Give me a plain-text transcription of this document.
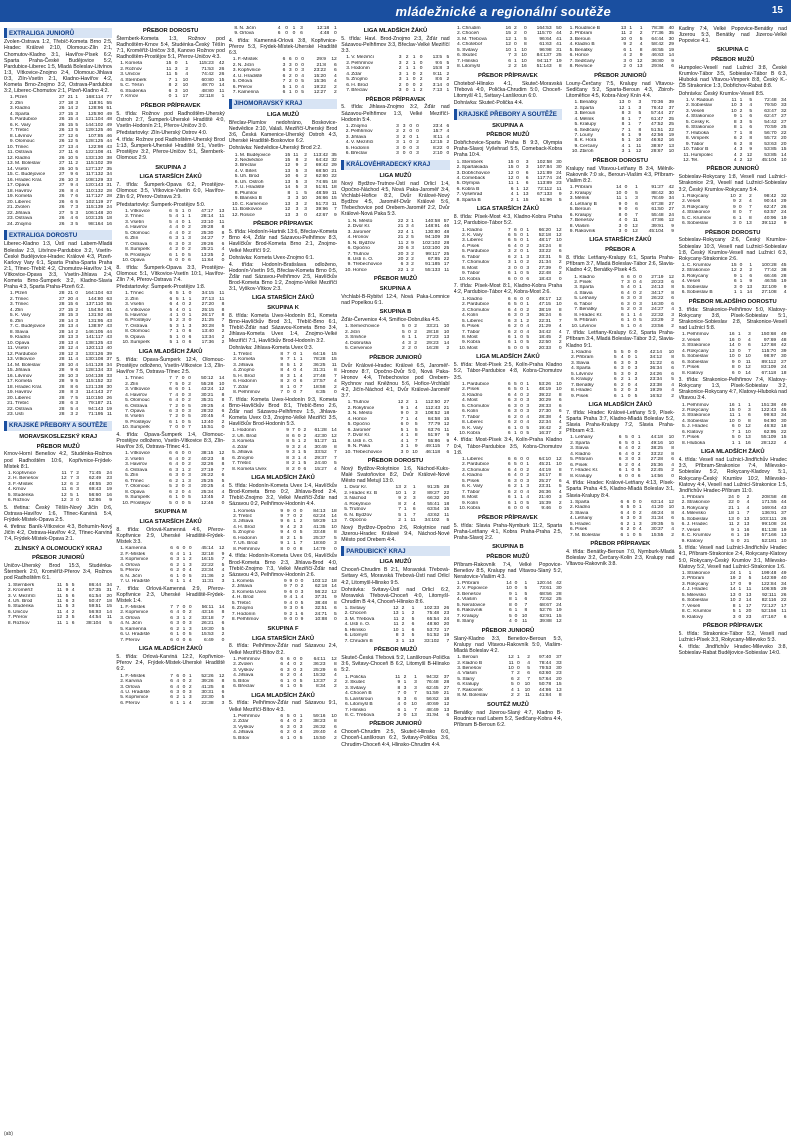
mládežnické a regionální soutěže	15
EXTRALIGA JUNIORŮ
Zvolen-Ostrava 1:2, Třebíč-Kometa Brno 2:5, Hradec Králové 2:10, Olomouc-Zlín 2:1, Chomutov-Kladno 3:1, Havířov-Písek 6:2, Sparta Praha-České Budějovice 5:2, Pardubice-Liberec 1:5, Mladá Boleslav-Litvínov 1:3, Vítkovice-Znojmo 2:4, Olomouc-Jihlava 0:3, Zlín-Vsetín 2:1, Kladno-Havířov 4:2, Kometa Brno-Znojmo 3:2, Ostrava-Pardubice 3:2, Liberec-Chomutov 2:1, Plzeň-Kladno 4:2.
1.	Plzeň	27	21	1	168:114	77
2.	Zlín	27	18	3	118:91	55
3.	Kladno	26	14	2	128:96	51
4.	Sparta	27	15	3	125:90	49
5.	Pardubice	26	15	4	121:104	48
6.	K. Vary	26	15	5	144:102	49
7.	Třebíč	26	13	5	129:125	46
8.	Litvínov	27	12	6	107:85	46
9.	Olomouc	26	12	5	128:125	44
10.	Třinec	27	13	4	122:98	43
11.	Ostrava	27	11	6	122:108	41
12.	Kladno	26	10	5	133:130	38
13.	M. Boleslav	27	11	2	115:102	39
14.	Vsetín	26	10	5	127:137	35
15.	Č. Budějovice	27	9	6	117:132	34
16.	Hradec Král.	26	10	3	108:129	33
17.	Opava	27	9	4	120:143	31
18.	Havířov	26	8	4	110:132	28
19.	Kometa	26	7	6	117:127	28
20.	Liberec	26	6	5	102:119	27
21.	Zvolen	26	7	3	115:139	24
22.	Jihlava	27	5	3	106:148	20
23.	Ostrava	26	4	6	103:135	18
24.	Znojmo	26	3	5	98:164	16
EXTRALIGA DOROSTU
Liberec-Kladno 1:3, Ústí nad Labem-Mladá Boleslav 2:3, Litvínov-Pardubice 3:2, Vsetín-České Budějovice-Hradec Králové 4:3, Plzeň-Karlovy Vary 6:1, Sparta Praha-Sparta Praha 2:1, Třinec-Třebíč 4:2, Chomutov-Havířov 1:4, Vítkovice-Opava 3:3, Vsetín-Jihlava 2:4, Kometa Brno-Šumperk 3:2, Kladno-Slavia Praha 4:3, Sparta Praha-Plzeň 6:2.
1.	Plzeň	28	21	0	164:104	63
2.	Třinec	27	20	4	144:80	63
3.	Třinec	28	15	6	137:110	55
4.	Zlín	27	15	2	154:94	51
5.	K. Vary	28	15	3	131:92	48
6.	Zlín	28	14	3	131:95	43
7.	Č. Budějovice	28	13	4	138:97	43
8.	Slavia	28	14	2	146:105	44
9.	Kladno	28	13	3	141:117	43
10.	Opava	28	13	4	138:125	43
11.	Vsetín	28	12	4	120:113	40
12.	Pardubice	28	12	3	133:126	39
13.	Vítkovice	28	11	4	130:108	37
14.	M. Boleslav	28	10	4	141:128	34
15.	Jihlava	28	9	6	128:134	33
16.	Litvínov	28	10	3	104:138	33
17.	Kometa	28	9	5	115:152	32
18.	Hradec Král.	28	8	6	121:138	30
19.	Havířov	28	8	3	114:143	27
20.	Liberec	28	7	5	110:150	26
21.	Třebíč	28	6	3	79:187	21
22.	Ostrava	28	5	4	94:143	19
23.	Ústí	28	3	2	71:195	11
KRAJSKÉ PŘEBORY A SOUTĚŽE
MORAVSKOSLEZSKÝ KRAJ
PŘEBOR MUŽŮ
Krnov-Horní Benešov 4:2, Studénka-Rožnov pod Radhoštěm 10:6, Kopřivnice-Frýdek-Místek 8:1.
1.	Kopřivnice	11	7	2	71:45	24
2.	H. Benešov	12	7	3	62:49	23
3.	F.-Místek	12	6	2	48:55	20
4.	Krnov	11	6	3	69:43	19
5.	Studénka	12	5	1	56:60	16
6.	Rožnov	12	3	0	52:86	9
5. třetina: Český Těšín-Nový Jičín 0:6, Ostrava-Havířov 1:6, Třinec-Karviná 5:4, Frýdek-Místek-Opava 2:5.
4. třetina: Baník-Vítkovice 4:3, Bohumín-Nový Jičín 4:2, Ostrava-Havířov 4:2, Třinec-Karviná 7:4, Frýdek-Místek-Opava 2:1.
ZLÍNSKÝ A OLOMOUCKÝ KRAJ
PŘEBOR JUNIORŮ
Uničov-Uherský Brod 15:3, Studénka-Šternberk 2:0, Kroměříž-Přerov 3:4, Rožnov pod Radhoštěm 6:1.
1.	Šternberk	11	5	5	86:44	34
2.	Kroměříž	11	9	4	57:35	31
3.	V. Meziříčí	11	5	6	61:54	20
4.	Uh. Brod	11	6	3	50:47	18
5.	Studénka	11	5	3	59:51	15
6.	Uničov	11	4	2	56:93	14
7.	Přerov	12	3	5	44:54	11
8.	Rožnov	11	1	6	38:104	5
PŘEBOR DOROSTU
Šternberk-Kometa 1:3, Rožnov pod Radhoštěm-Krnov 5:4, Studénka-Český Těšín 7:1, Kroměříž-Uničov 3:8, Kanovo Rožnov pod Radhoštěm-Prostějov 5:1, Přerov-Uničov 4:3.
1.	Kometa	15	0	1	115:23	42
2.	Rožnov	11	3	2	71:53	26
3.	Uničov	11	5	4	74:42	26
4.	Šternberk	7	1	10	60:80	15
5.	Č. Těšín	8	2	10	49:70	14
6.	Studénka	6	3	10	48:80	11
7.	Krnov	0	1	17	32:118	1
PŘEBOR PŘÍPRAVEK
5. třída: Rožnov pod Radhoštěm-Uherský Ostroh 2:7, Šumperk-Uherské Hradiště 4:0, Vsetín-Hodonín 2:1, Přerov-Uničov 3:0.
Předstartovky: Zlín-Uherský Ostrov 4:0.
4. třída: Rožnov pod Radhoštěm-Uherský Brod 1:13, Šumperk-Uherské Hradiště 9:1, Vsetín-Prostějov 3:2, Přerov-Uničov 5:1, Šternberk-Olomouc 2:9.
SKUPINA J
LIGA STARŠÍCH ŽÁKŮ
7. třída: Šumperk-Opava 6:2, Prostějov-Olomouc 3:5, Vítkovice-Vsetín 6:0, Havířov-Zlín 6:2, Přerov-Ostrava 2:9.
Předstartovky: Šumperk-Prostějov 5:0.
1.	Vítkovice	6	5	1	0	47:17	13
2.	Třinec	5	4	1	1	28:14	11
3.	Vsetín	5	4	0	1	23:10	11
4.	Havířov	4	4	0	2	29:28	8
5.	Olomouc	4	4	0	2	25:30	8
6.	Zlín	6	3	1	3	24:27	7
7.	Ostrava	6	3	0	3	29:26	6
8.	Šumperk	4	2	0	2	25:21	4
9.	Prostějov	6	1	0	5	13:25	2
10.	Opava	6	0	0	6	11:64	0
8. třída: Šumperk-Opava 3:3, Prostějov-Olomouc 5:1, Vítkovice-Vsetín 10:1, Havířov-Zlín 7:4, Přerov-Ostrava 7:4.
Předstartovky: Šumperk-Prostějov 1:8.
1.	Třinec	6	5	1	0	34:15	11
2.	Zlín	6	5	1	1	37:13	11
3.	Vsetín	6	4	0	2	27:20	8
4.	Vítkovice	5	4	0	1	25:15	8
5.	Havířov	4	1	0	1	26:17	8
6.	Prostějov	5	2	3	0	21:25	7
7.	Ostrava	5	3	1	3	30:28	5
8.	Olomouc	7	1	0	6	13:40	2
9.	Opava	5	1	0	6	13:34	2
10.	Šumperk	5	1	0	6	17:36	2
LIGA MLADŠÍCH ŽÁKŮ
5. třída: Opava-Šumperk 12:4, Olomouc-Prostějov odloženo, Vsetín-Vítkovice 1:3, Zlín-Havířov 7:5, Ostrava-Třinec 2:5.
1.	Třinec	7	7	0	0	50:12	14
2.	Zlín	7	5	0	2	55:28	10
3.	Vítkovice	6	6	0	1	43:24	12
4.	Havířov	7	4	0	3	30:21	8
5.	Olomouc	6	4	0	2	35:31	8
6.	Ostrava	7	2	0	5	29:25	4
7.	Opava	6	3	0	3	28:32	6
8.	Vsetín	7	2	0	5	20:45	4
9.	Prostějov	6	1	0	5	13:40	2
10.	Šumperk	7	0	0	7	15:51	0
4. třída: Opava-Šumperk 1:4, Olomouc-Prostějov odloženo, Vsetín-Vítkovice 8:3, Zlín-Havířov 3:6, Ostrava-Třinec 4:1.
1.	Vítkovice	6	6	0	0	38:15	12
2.	Vsetín	6	4	0	2	40:23	8
3.	Havířov	6	4	0	2	32:26	8
4.	Ostrava	6	3	1	2	27:19	7
5.	Zlín	6	3	0	3	26:22	6
6.	Třinec	6	2	1	3	25:25	5
7.	Olomouc	5	2	0	3	20:25	4
8.	Opava	6	2	0	4	25:34	4
9.	Šumperk	6	1	0	5	13:45	2
10.	Prostějov	5	0	0	5	12:46	0
SKUPINA M
LIGA STARŠÍCH ŽÁKŮ
8. třída: Orlová-Kamenná 4:6, Přerov-Kopřivnice 2:9, Uherské Hradiště-Frýdek-Místek 3:3.
1.	Kamenná	6	6	0	0	45:14	12
2.	F.-Místek	6	4	1	1	32:18	9
3.	Kopřivnice	6	3	1	2	16:15	7
4.	Orlová	6	2	1	3	22:22	5
5.	Přerov	6	2	0	4	23:34	4
6.	N. Jičín	6	1	0	5	21:36	2
7.	U. Hradiště	6	1	1	4	11:31	3
7. třída: Orlová-Kamenná 2:9, Přerov-Kopřivnice 2:3, Uherské Hradiště-Frýdek-Místek 1:4.
1.	F.-Místek	7	7	0	0	56:11	14
2.	Kopřivnice	6	4	0	2	43:16	8
3.	Orlová	6	3	1	2	33:18	7
4.	N. Jičín	6	3	0	3	26:21	6
5.	Kamenná	6	2	1	3	19:30	5
6.	U. Hradiště	6	1	0	5	15:53	2
7.	Přerov	6	0	0	6	6:49	0
LIGA MLADŠÍCH ŽÁKŮ
5. třída: Orlová-Karviná 12:2, Kopřivnice-Přerov 2:4, Frýdek-Místek-Uherské Hradiště 6:2.
1.	F.-Místek	7	6	0	1	52:26	12
2.	Karviná	6	4	0	2	39:26	8
3.	Orlová	6	4	0	2	41:25	8
4.	U. Hradiště	6	3	0	3	30:31	6
5.	Kopřivnice	6	2	1	3	23:30	5
6.	Přerov	6	1	1	4	22:38	3
8.	N. Jičín	4	0	1	3	12:18	1
9.	Orlová	6	0	0	6	4:48	0
4. třída: Kamenná-Orlová 3:8, Kopřivnice-Přerov 5:3, Frýdek-Místek-Uherské Hradiště 6:3.
1.	F.-Místek	6	6	0	0	29:9	12
2.	N. Jičín	3	3	0	0	21:8	6
3.	Kopřivnice	6	3	0	3	23:22	6
4.	U. Hradiště	6	2	0	4	15:20	4
5.	Orlová	7	2	0	5	15:36	4
6.	Přerov	5	1	0	4	19:22	2
7.	Kamenná	6	1	0	5	12:27	2
JIHOMORAVSKÝ KRAJ
LIGA MUŽŮ
Břeclav-Plumlov nedohráno, Boskovice-Nedvědice 2:10, Valaš. Meziříčí-Uherský Brod 3:6, Česká Kamenice-Uherský Ostroh 4:3, Uherské Hradiště-Boskovice 6:2.
Dohrávka: Nedvědice-Uherský Brod 2:2.
1.	M. Budějovice	15	11	2	113:42	35
2.	Nedvědice	15	8	2	64:42	32
3.	Břeclav	12	9	2	69:42	29
4.	V. Bíteš	13	5	3	68:50	21
5.	Uh. Brod	10	6	2	62:60	22
6.	Uh. Ostroh	13	5	3	74:65	18
7.	U. Hradiště	14	5	3	51:61	18
8.	Plumlov	8	1	5	48:59	11
9.	Blansko B	3	3	10	36:66	15
10.	Č. Kamenice	13	3	2	51:73	11
11.	Boskovice	12	3	3	39:96	7
12.	Rosice	13	3	0	42:67	9
PŘEBOR PŘÍPRAVEK
5. třída: Hodonín-Hartnik 13:6, Břeclav-Kometa Brno 4:4, Žďár nad Sázavou-Pelhřimov 8:3, Havlíčkův Brod-Kometa Brno 2:1, Znojmo-Velké Meziříčí 9:2.
Dohrávka: Kometa Uvex-Znojmo 6:1.
4. třída: Hodonín-Bratislava odloženo, Hodonín-Vsetín 9:5, Břeclav-Kometa Brno 0:5, Žďár nad Sázavou-Pelhřimov 2:5, Havlíčkův Brod-Kometa Brno 1:2, Znojmo-Velké Meziříčí 3:1, Vyškov-Vítkov 2:3.
LIGA STARŠÍCH ŽÁKŮ
SKUPINA K
8. třída: Kometa Uvex-Hodonín 8:1, Kometa Brno-Havlíčkův Brod 3:1, Třebíč-Brno 6:1, Třebíč-Žďár nad Sázavou-Kometa Brno 3:4, Jihlava-Kometa Uvex 1:4, Znojmo-Velké Meziříčí 7:1, Havlíčkův Brod-Hodonín 3:2.
Dohrávka: Jihlava-Kometa Uvex 0:3.
1.	Třebíč	8	7	0	1	64:16	15
2.	Kometa	9	7	1	1	78:28	15
3.	Jihlava	8	5	1	2	36:25	11
4.	Znojmo	8	4	0	4	31:31	8
5.	H. Brod	8	3	1	4	27:48	7
6.	Hodonín	8	2	0	6	27:57	4
7.	Žďár	8	1	0	7	18:58	2
8.	Pelhřimov	7	0	0	7	6:35	0
7. třída: Kometa Uvex-Hodonín 9:3, Kometa Brno-Havlíčkův Brod 8:1, Třebíč-Brno 2:6, Žďár nad Sázavou-Pelhřimov 1:5, Jihlava-Kometa Uvex 0:3, Znojmo-Velké Meziříčí 3:5, Havlíčkův Brod-Hodonín 5:3.
1.	Hodonín	9	7	0	2	61:28	14
2.	Uh. Brod	8	6	0	2	42:30	12
3.	Kometa	8	5	1	2	51:27	11
4.	Žďár	9	3	2	4	30:49	8
5.	Jihlava	9	3	1	5	33:52	7
6.	Znojmo	8	3	1	4	29:37	7
7.	Třebíč	8	2	1	5	24:40	5
8.	Kometa Uvex	8	2	0	6	15:27	4
LIGA MLADŠÍCH ŽÁKŮ
5. třída: Hodonín-Kometa Uvex 1:4, Havlíčkův Brod-Kometa Brno 0:2, Jihlava-Brod 2:4, Třebíč-Znojmo 3:2, Velké Meziříčí-Žďár nad Sázavou 0:2, Pelhřimov-Hodonín 4:4.
1.	Kometa	9	9	0	0	84:13	18
2.	Třebíč	9	7	0	2	62:24	14
3.	Jihlava	9	6	1	2	59:29	13
4.	H. Brod	9	4	2	3	41:35	10
5.	Znojmo	9	4	0	5	33:48	8
6.	Hodonín	8	2	1	5	25:37	5
7.	Uh. Brod	9	1	1	7	18:60	3
8.	Pelhřimov	8	0	0	8	14:79	0
4. třída: Hodonín-Kometa Uvex 0:6, Havlíčkův Brod-Kometa Brno 2:3, Jihlava-Brod 4:0, Třebíč-Znojmo 7:3, Velké Meziříčí-Žďár nad Sázavou 4:3, Pelhřimov-Hodonín 2:6.
1.	Kometa	9	9	0	0	103:12	18
2.	Jihlava	9	7	0	2	62:18	14
3.	Kometa Uvex	9	6	0	3	56:22	12
4.	H. Brod	9	4	1	4	37:31	9
5.	Třebíč	9	4	0	5	38:48	8
6.	Znojmo	9	3	0	6	32:51	6
7.	Hodonín	9	2	1	6	24:71	5
8.	Pelhřimov	9	0	0	9	10:88	0
SKUPINA F
LIGA STARŠÍCH ŽÁKŮ
8. třída: Pelhřimov-Žďár nad Sázavou 2:4, Velké Meziříčí-Bítov 8:2.
1.	Pelhřimov	6	6	0	0	64:11	12
2.	Zvolen	6	4	0	2	36:23	8
3.	Vyškov	6	3	0	3	25:29	6
4.	Jihlava	6	2	0	4	15:32	4
5.	Bítov	6	1	0	5	13:37	2
6.	Břeclav	6	1	0	5	8:34	2
LIGA MLADŠÍCH ŽÁKŮ
5. třída: Pelhřimov-Žďár nad Sázavou 9:1, Velké Meziříčí-Bítov 4:3.
1.	Pelhřimov	6	5	0	1	59:16	10
2.	Žďár	6	4	0	2	38:23	8
3.	Vyškov	6	3	0	3	26:32	6
4.	Jihlava	6	2	0	4	29:40	4
5.	Bítov	6	1	0	5	15:50	2
LIGA MLADŠÍCH ŽÁKŮ
5. třída: Havl. Brod-Znojmo 2:3, Žďár nad Sázavou-Pelhřimov 3:3, Břeclav-Velké Meziříčí 3:3.
1.	V. Meziříčí	3	2	1	0	13:5	5
2.	Pelhřimov	3	2	1	0	9:6	5
3.	Hodonín	2	1	1	0	15:8	3
4.	Žďár	3	1	0	2	9:11	2
5.	Znojmo	3	1	0	2	8:6	2
6.	H. Brod	2	0	0	2	3:14	0
7.	Břeclav	3	0	1	2	7:13	1
PŘEBOR PŘÍPRAVEK
5. třída: Jihlava-Znojmo 3:2, Žďár nad Sázavou-Pelhřimov 1:3, Velké Meziříčí-Hodonín 5:4.
1.	Znojmo	3	3	0	0	23:4	6
2.	Pelhřimov	2	2	0	0	15:7	4
3.	Jihlava	3	2	0	1	8:11	4
4.	V. Meziříčí	3	1	0	2	12:15	2
5.	Hodonín	3	0	0	3	8:22	0
6.	Břeclav	3	0	0	3	2:10	0
KRÁLOVÉHRADECKÝ KRAJ
LIGA MUŽŮ
Nový Bydžov-Trutnov-Ústí nad Orlicí 1:4, Opočno-Náchod 4:5, Nová Paka-Jaroměř 3:4, Vrchlabí-Hořice 8:2, Dvůr Králové-Nový Bydžov 4:5, Jaroměř-Dvůr Králové 5:6, Třebechovice pod Orebem-Jaroměř 2:2, Dvůr Králové-Nová Paka 5:3.
1.	N. Město	22	2	1	140:58	57
2.	Dvůr Kr.	21	3	4	148:91	46
3.	Jaroměř	22	4	1	130:80	48
4.	Hronov	21	2	5	94:109	39
5.	N. Bydžov	11	2	9	102:102	28
6.	Opočno	20	6	3	103:100	25
7.	Trutnov	20	3	2	99:117	25
8.	Ústí n. O.	20	2	2	67:85	22
9.	Třebechovice	6	3	2	91:185	17
10.	Hořice	22	1	2	55:133	11
PŘEBOR MUŽŮ
SKUPINA A
Vrchlabí-B-Rybitví 12:4, Nová Paka-Lomnice nad Popelkou 6:1.
SKUPINA B
Žďár-Červenice 4:4, Smiřice-Dobruška 4:5.
1.	Semechovice	5	0	2	33:21	10
2.	Jičín	5	0	2	28:18	10
3.	Smiřice	6	1	1	27:23	13
4.	Dobruška	4	3	2	29:23	14
5.	Červenice	2	2	0	16:28	2
PŘEBOR JUNIORŮ
Dvůr Králové-Hradec Králové 6:5, Jaroměř-Hronov 8:7, Opočno-Dvůr 5:0, Nová Paka-Hronov 4:4, Třebechovice pod Orebem-Rychnov nad Kněžnou 5:6, Hořice-Vrchlabí 4:2, Jičín-Náchod 4:1, Dvůr Králové-Jaroměř 3:7.
1.	Trutnov	12	2	1	112:50	27
2.	Rokytnice	9	1	4	112:43	21
3.	N. Město	9	0	3	108:52	18
4.	Hořice	7	1	4	84:58	15
5.	Opočno	6	0	5	77:79	12
6.	Jaroměř	5	1	5	63:76	11
7.	Dvůr Kr.	4	1	8	51:97	9
8.	Ústí n. O.	4	1	7	55:86	9
9.	N. Paka	3	1	9	49:115	7
10.	Třebechovice	3	0	10	46:118	6
PŘEBOR DOROSTU
Nový Bydžov-Rokytnice 1:6, Náchod-Kuks-Malé Svatoňovice 8:2, Dvůr Králové-Nové Město nad Metují 13:0.
1.	Dvůr Kr.	13	2	1	91:25	28
2.	Hradec Kr. B	10	1	2	89:27	22
3.	Náchod	9	2	3	66:32	20
4.	Rokytnice	8	2	4	55:41	18
5.	Trutnov	7	1	6	63:54	15
6.	N. Bydžov	5	1	7	43:62	11
7.	Opočno	2	1	11	34:102	5
Nový Bydžov-Opočno 2:6, Rokytnice nad Jizerou-Hradec Králové 9:4, Náchod-Nové Město pod Orebem 4:4.
PARDUBICKÝ KRAJ
LIGA MUŽŮ
Choceň-Chrudim B 2:1, Moravská Třebová-Svitavy 4:5, Moravská Třebová-Ústí nad Orlicí 4:2, Litomyšl-Hlinsko 9:5.
Dohrávka: Svitavy-Ústí nad Orlicí 6:2, Moravská Třebová-Choceň 4:0, Litomyšl-Chrudim B 4:4, Choceň-Hlinsko 8:6.
1.	Svitavy	12	2	1	102:33	26
2.	Choceň	13	1	2	75:48	23
3.	M. Třebová	11	2	5	65:54	24
4.	Ústí n. O.	11	2	6	48:60	20
5.	Hlinsko	10	1	6	53:72	17
6.	Litomyšl	8	3	5	51:52	19
7.	Chrudim B	3	1	13	33:102	7
PŘEBOR MUŽŮ
Skuteč-Česká Třebová 5:2, Lanškroun-Polička 3:6, Svitavy-Choceň B 6:2, Litomyšl B-Hlinsko 5:2.
1.	Polička	11	2	1	94:32	37
2.	Skuteč	9	1	3	76:48	28
3.	Svitavy	8	3	3	62:45	27
4.	Choceň B	7	0	7	51:59	21
5.	Lanškroun	5	3	6	56:62	18
6.	Litomyšl B	4	0	10	40:69	12
7.	Hlinsko	6	1	7	48:49	13
8.	Č. Třebová	2	0	13	31:94	6
PŘEBOR JUNIORŮ
Choceň-Chrudim 2:5, Skuteč-Hlinsko 6:0, Choceň-Lanškroun 6:2, Svitavy-Polička 3:6, Chrudim-Choceň 4:4, Hlinsko-Chrudim 4:4.
1.	Chrudim	16	2	0	164:53	50
2.	Choceň	15	2	0	115:70	44
3.	M. Třebová	12	1	5	96:64	41
4.	Choteboř	12	0	8	61:63	41
5.	Svitavy	10	1	10	96:98	31
6.	Skuteč	7	3	10	84:137	25
7.	Hlinsko	6	1	10	94:117	19
8.	Litomyšl	2	2	16	51:143	8
PŘEBOR PŘÍPRAVEK
Choteboř-Hlinsko 4:1, Skuteč-Moravská Třebová 4:0, Polička-Chrudim 5:0, Choceň-Litomyšl 4:1, Svitavy-Lanškroun 6:0.
Dohrávka: Skuteč-Polička 4:4.
KRAJSKÉ PŘEBORY A SOUTĚŽE
SKUPINA A
PŘEBOR MUŽŮ
Dobřichovice-Sparta Praha B 9:3, Olympia Praha-Slavoj Vyšehrad 5:5, Comeback-Kobra Praha 10:4.
1.	Šternberk	15	0	3	102:58	30
2.	Spartakiáda	15	0	3	107:84	30
3.	Dobřichovice	12	0	6	121:89	24
4.	Comeback	12	0	6	117:74	24
5.	Olympia	11	1	6	113:89	23
6.	Kobra B	6	1	12	72:112	11
7.	Vyšehrad	4	1	13	67:133	9
8.	Sparta B	2	1	15	51:96	5
LIGA STARŠÍCH ŽÁKŮ
8. třída: Písek-Most 4:3, Kladno-Kobra Praha 1:2, Pardubice-Tábor 5:2.
1.	Kladno	7	6	0	1	66:20	12
2.	K. Vary	6	5	0	1	52:18	12
3.	Liberec	6	5	0	1	48:17	10
4.	Písek	6	4	0	2	34:24	8
5.	Pardubice	3	2	0	1	33:22	6
6.	Tábor	6	2	1	3	23:31	5
7.	Chomutov	3	1	0	2	21:34	2
8.	Most	3	0	0	3	27:39	0
9.	Tábor	6	1	0	5	22:48	2
10.	Kobra	6	0	0	6	18:43	0
7. třída: Písek-Most 8:1, Kladno-Kobra Praha 4:2, Pardubice-Tábor 4:2, Kobra-Most 2:6.
1.	Kladno	6	6	0	0	49:17	12
2.	Pardubice	6	5	0	1	47:15	10
3.	Chomutov	6	4	0	2	38:19	8
4.	Kolín	6	3	0	3	36:24	6
5.	Liberec	6	3	1	2	22:31	7
6.	Písek	6	2	0	4	21:29	4
7.	Tábor	6	2	0	4	34:42	4
8.	Most	6	1	0	5	18:45	2
9.	Kobra	6	1	0	5	22:50	2
10.	Most	5	0	0	5	20:33	0
LIGA MLADŠÍCH ŽÁKŮ
5. třída: Most-Písek 2:5, Kolín-Praha Kladno 5:2, Tábor-Pardubice 4:8, Kobra-Chomutov 3:5.
1.	Pardubice	6	5	0	1	53:26	10
2.	Písek	6	5	0	1	48:19	10
3.	Kladno	6	4	0	2	39:22	8
4.	Most	6	3	0	3	30:29	6
5.	Chomutov	6	3	0	3	28:33	6
6.	Kolín	6	3	0	3	27:30	6
7.	Tábor	6	2	0	4	28:38	4
8.	Liberec	6	2	0	4	22:34	4
9.	K. Vary	6	1	0	5	19:42	2
10.	Kobra	6	1	0	5	16:37	2
4. třída: Most-Písek 3:4, Kolín-Praha Kladno 0:4, Tábor-Pardubice 3:5, Kobra-Chomutov 1:8.
1.	Liberec	6	6	0	0	64:10	12
2.	Pardubice	6	5	0	1	45:21	10
3.	Chomutov	6	4	0	2	44:19	8
4.	Kladno	6	4	0	2	34:17	8
5.	Písek	6	3	0	3	25:27	6
6.	K. Vary	6	2	1	3	23:31	5
7.	Tábor	6	2	0	4	26:36	4
8.	Most	6	1	1	4	21:40	3
9.	Kolín	6	1	0	5	15:39	2
10.	Kobra	6	0	0	6	9:46	0
PŘEBOR PŘÍPRAVEK
5. třída: Slavia Praha-Nymburk 11:2, Sparta Praha-Letňany 4:1, Kobra Praha-Praha 2:5, Praha-Slavoj 2:2.
SKUPINA B
PŘEBOR MUŽŮ
Příbram-Rakovník 7:4, Velké Popovice-Benešov 8:5, Kralupy nad Vltavou-Slaný 5:2, Neratovice-Vlašim 4:3.
1.	Příbram	14	0	1	120:44	42
2.	V. Popovice	10	0	5	73:61	30
3.	Benešov	9	1	5	68:56	28
4.	Vlašim	8	1	6	72:62	25
5.	Neratovice	8	0	7	68:67	24
6.	Rakovník	6	1	8	52:76	19
7.	Kralupy	5	0	10	62:91	15
8.	Slaný	4	0	11	39:88	12
PŘEBOR JUNIORŮ
Slaný-Kladno 3:3, Benešov-Beroun 5:3, Kralupy nad Vltavou-Rakovník 5:0, Vlašim-Mladá Boleslav 4:2.
1.	Beroun	12	1	2	97:40	37
2.	Kladno B	11	0	4	78:44	33
3.	Benešov	10	0	5	79:53	30
4.	Vlašim	7	2	6	63:60	23
5.	Slaný	6	2	7	57:64	20
6.	Kralupy	5	0	10	50:78	15
7.	Rakovník	4	1	10	44:86	13
8.	M. Boleslav	2	2	11	41:84	8
SOUTĚŽ MUŽŮ
Benátky nad Jizerou-Slaný 4:7, Kladno B-Roudnice nad Labem 5:2, Sedlčany-Kobra 4:4, Příbram B-Beroun 6:2.
1.	Roudnice B	13	1	1	78:38	40
2.	Příbram	11	2	2	77:36	35
3.	Beroun	10	0	5	64:44	30
4.	Kladno B	9	2	4	58:42	29
5.	Benátky	6	1	8	46:55	19
6.	Hořice	4	2	9	46:63	14
7.	Sedlčany	3	0	12	36:80	9
8.	Řevnice	2	0	13	29:84	6
PŘEBOR JUNIORŮ
Louny-Čerčany 7:5, Kralupy nad Vltavou-Sedlčany 5:2, Sparta-Beroun 4:3, Zbiroh-Litoměřice 4:5, Kobra-Nový Knín 4:4.
1.	Benátky	13	0	3	70:36	39
2.	Sparta	12	1	3	76:42	37
3.	Beroun	8	3	5	57:44	27
4.	Mělník	8	1	7	61:47	25
5.	Kralupy	8	1	7	47:52	25
6.	Sedlčany	7	1	8	51:51	22
7.	Louny	6	1	9	42:56	19
8.	K. Hora	5	1	10	46:62	16
9.	Čerčany	4	1	11	38:67	13
10.	Zbiroh	3	1	12	28:67	10
PŘEBOR DOROSTU
Kralupy nad Vltavou-Letňany B 3:4, Mělník-Rakovník 7:0 sk., Beroun-Vlašim 4:3, Příbram-Vlašim 8:2.
1.	Příbram	14	0	1	91:27	42
2.	Kralupy	10	0	5	88:42	30
3.	Mělník	11	1	3	78:49	34
4.	Letňany B	9	0	6	67:38	27
5.	Beroun	9	0	6	61:50	27
6.	Kralupy	8	0	7	55:48	24
7.	Benešov	4	0	11	47:86	12
8.	Vlašim	3	0	12	39:91	9
9.	Rakovník	3	0	12	45:104	9
LIGA STARŠÍCH ŽÁKŮ
PŘEBOR A
8. třída: Letňany-Kralupy 6:1, Sparta Praha-Příbram 3:7, Mladá Boleslav-Tábor 2:6, Slavia-Kladno 4:2, Benátky-Písek 4:5.
1.	Kladno	6	6	0	0	27:19	12
2.	Písek	7	3	0	4	20:23	6
3.	Sparta	5	4	0	1	24:13	8
4.	Slavia	6	4	0	2	34:17	8
5.	Letňany	6	3	0	3	26:22	6
6.	Tábor	6	3	0	3	16:30	6
7.	Benátky	5	2	0	3	24:27	4
8.	Hradec Kr.	6	1	1	4	22:32	3
9.	Příbram	6	1	0	5	23:29	2
10.	Litvínov	5	1	0	4	23:56	2
7. třída: Letňany-Kralupy 6:2, Sparta Praha-Příbram 3:4, Mladá Boleslav-Tábor 3:2, Slavia-Kladno 9:1.
1.	Kladno	5	5	0	0	42:14	10
2.	Příbram	5	4	0	1	34:12	8
3.	Slavia	6	3	0	3	31:22	6
4.	Sparta	6	3	0	3	36:34	6
5.	Litvínov	5	3	0	2	24:26	6
6.	Kralupy	6	2	1	3	23:34	5
7.	Benátky	6	2	0	4	23:38	4
8.	Hradec	5	2	0	3	19:29	4
9.	Písek	6	1	0	5	16:52	2
LIGA MLADŠÍCH ŽÁKŮ
7. třída: Hradec Králové-Letňany 5:9, Písek-Sparta Praha 3:7, Kladno-Mladá Boleslav 5:2, Slavia Praha-Kralupy 7:2, Slavia Praha-Příbram 4:3.
1.	Letňany	6	5	0	1	44:18	10
2.	Sparta	6	5	0	1	49:16	10
3.	Slavia	6	4	0	2	38:25	8
4.	Kladno	6	4	0	2	33:22	8
5.	Příbram	6	3	0	3	27:28	6
6.	Písek	6	2	0	4	25:36	4
7.	Hradec Kr.	6	1	0	5	22:45	2
8.	Kralupy	6	0	0	6	14:56	0
4. třída: Hradec Králové-Letňany 4:13, Písek-Sparta Praha 4:5, Kladno-Mladá Boleslav 3:1, Slavia-Kralupy 8:4.
1.	Sparta	6	6	0	0	63:14	12
2.	Kladno	6	5	0	1	41:20	10
3.	Slavia	6	4	0	2	46:24	8
4.	Letňany	6	3	0	3	31:34	6
5.	Hradec	6	2	1	3	29:35	5
6.	Písek	6	2	0	4	30:37	4
7.	M. Boleslav	6	1	0	5	15:55	2
PŘEBOR PŘÍPRAVEK
4. třída: Benátky-Beroun 7:0, Nymburk-Mladá Boleslav 3:2, Čerčany-Kolín 2:3, Kralupy nad Vltavou-Rakovník 3:8.
Kadiny 7:4, Velké Popovice-Benátky nad Jizerou 5:3, Benátky nad Jizerou-Velké Popovice 4:1.
SKUPINA C
PŘEBOR MUŽŮ
Humpolec-Veselí nad Lužnicí 3:8, České Krumlov-Tábor 3:5, Sobieslav-Tábor B 6:3, Hluboká nad Vltavou-Vimperk 8:8, Český K.-ČB Strakonice 1:3, Dobřichov-Rabat 8:8.
Dohrávka: Český Krumlov-Veselí 8:5.
1.	V. Radouň	11	1	5	72:48	34
2.	Sobieslav	10	3	4	79:50	33
3.	Veselí	10	2	5	63:47	32
4.	Strakonice	9	1	6	62:47	27
5.	Český K.	8	3	5	54:42	27
6.	Strakonice	8	1	6	70:59	25
7.	Hluboká	7	1	8	56:70	22
8.	Vimperk	6	2	8	55:72	20
9.	Tábor	6	2	8	53:63	20
10.	Tábor B	4	3	9	53:85	15
11.	Humpolec	4	2	12	53:85	14
12.	Tel.	4	2	12	45:104	10
PŘEBOR JUNIORŮ
Sobieslav-Rokycany 1:8, Veselí nad Lužnicí-Strakonice 2:9, Veselí nad Lužnicí-Sobieslav 3:2, Český Krumlov-Rokycany 5:4.
1.	Rokycany	10	2	2	98:42	32
2.	Veselí	9	2	4	90:44	29
3.	Rokycany	9	0	7	62:47	26
4.	Strakonice	8	0	7	63:57	24
5.	Č. Krumlov	6	1	8	40:96	19
6.	Sobieslav	3	0	13	39:112	9
PŘEBOR DOROSTU
Sobieslav-Rokycany 2:6, Český Krumlov-Sobieslav 10:3, Veselí nad Lužnicí-Sobieslav 1:8, Český Krumlov-Veselí nad Lužnicí 6:3, Rokycany-Strakonice 2:6.
1.	Č. Krumlov	15	0	1	100:28	45
2.	Strakonice	12	2	2	77:42	38
3.	Rokycany	9	1	6	66:46	28
4.	Veselí	6	1	9	46:55	19
5.	Sobieslav	3	0	13	32:109	9
6.	Sobieslav B	1	1	14	27:108	4
PŘEBOR MLADŠÍHO DOROSTU
3. třída: Strakonice-Pelhřimov 5:0, Klatovy-Rokycany 3:8, Písek-Sobieslav 5:1, Strakonice-Sobieslav 2:8, Strakonice-Veselí nad Lužnicí 5:8.
1.	Pelhřimov	16	1	3	150:68	49
2.	Veselí	16	0	4	97:69	48
3.	Strakonice	14	0	6	127:68	42
4.	Rokycany	13	0	7	115:70	39
5.	Sobieslav	10	0	10	98:97	30
6.	Sobieslav	9	0	11	89:112	27
7.	Písek	8	0	12	83:109	24
8.	Klatovy	6	0	14	67:118	18
3. třída: Strakonice-Pelhřimov 7:4, Klatovy-Rokycany 1:3, Písek-Sobieslav 3:2, Strakonice-Rokycany 4:7, Klatovy-Hluboká nad Vltavou 3:4.
1.	Pelhřimov	16	1	1	151:38	49
2.	Rokycany	15	0	3	122:43	45
3.	Strakonice	11	1	6	99:63	34
4.	Sobieslav	10	0	8	94:80	30
5.	J. Hradec	6	0	12	46:82	18
6.	Klatovy	7	1	10	62:95	22
7.	Písek	5	0	13	55:109	15
8.	Hluboká	1	1	16	28:122	4
LIGA MLADŠÍCH ŽÁKŮ
4. třída: Veselí nad Lužnicí-Jindřichův Hradec 3:3, Příbram-Strakonice 7:4, Milevsko-Sobieslav 5:2, Rokycany-Kladovy 5:1, Rokycany-Český Krumlov 10:2, Milevsko-Klatovy 4:4, Veselí nad Lužnicí-Strakonice 1:5, Jindřichův Hradec-Příbram 11:0.
1.	Příbram	24	0	2	208:58	48
2.	Strakonice	22	0	4	171:55	44
3.	Rokycany	21	1	4	169:64	43
4.	Milevsko	18	1	7	136:91	37
5.	Sobieslav	13	0	13	103:111	26
6.	J. Hradec	11	2	13	99:108	24
7.	Veselí	9	1	16	81:138	19
8.	Č. Krumlov	6	1	19	57:166	13
9.	Klatovy	5	0	21	52:181	10
5. třída: Veselí nad Lužnicí-Jindřichův Hradec 4:1, Příbram-Strakonice 2:4, Rokycany-Klatovy 5:0, Rokycany-Český Krumlov 3:1, Milevsko-Klatovy 5:2, Veselí nad Lužnicí-Strakonice 1:6.
1.	Strakonice	24	1	1	199:48	49
2.	Příbram	19	2	5	142:69	40
3.	Rokycany	17	0	9	122:84	34
4.	J. Hradec	14	1	11	106:85	29
5.	Milevsko	13	0	13	92:111	26
6.	Sobieslav	10	2	14	82:116	22
7.	Veselí	8	1	17	72:127	17
8.	Č. Krumlov	5	1	20	52:156	11
9.	Klatovy	3	0	23	47:167	6
PŘEBOR PŘÍPRAVEK
5. třída: Strakonice-Tábor 5:2, Veselí nad Lužnicí-Písek 3:3, Rokycany-Milevsko 5:3.
4. třída: Jindřichův Hradec-Milevsko 3:8, Sobieslav-Rabat Budějovice-Sobieslav 14:0.
(ab)
